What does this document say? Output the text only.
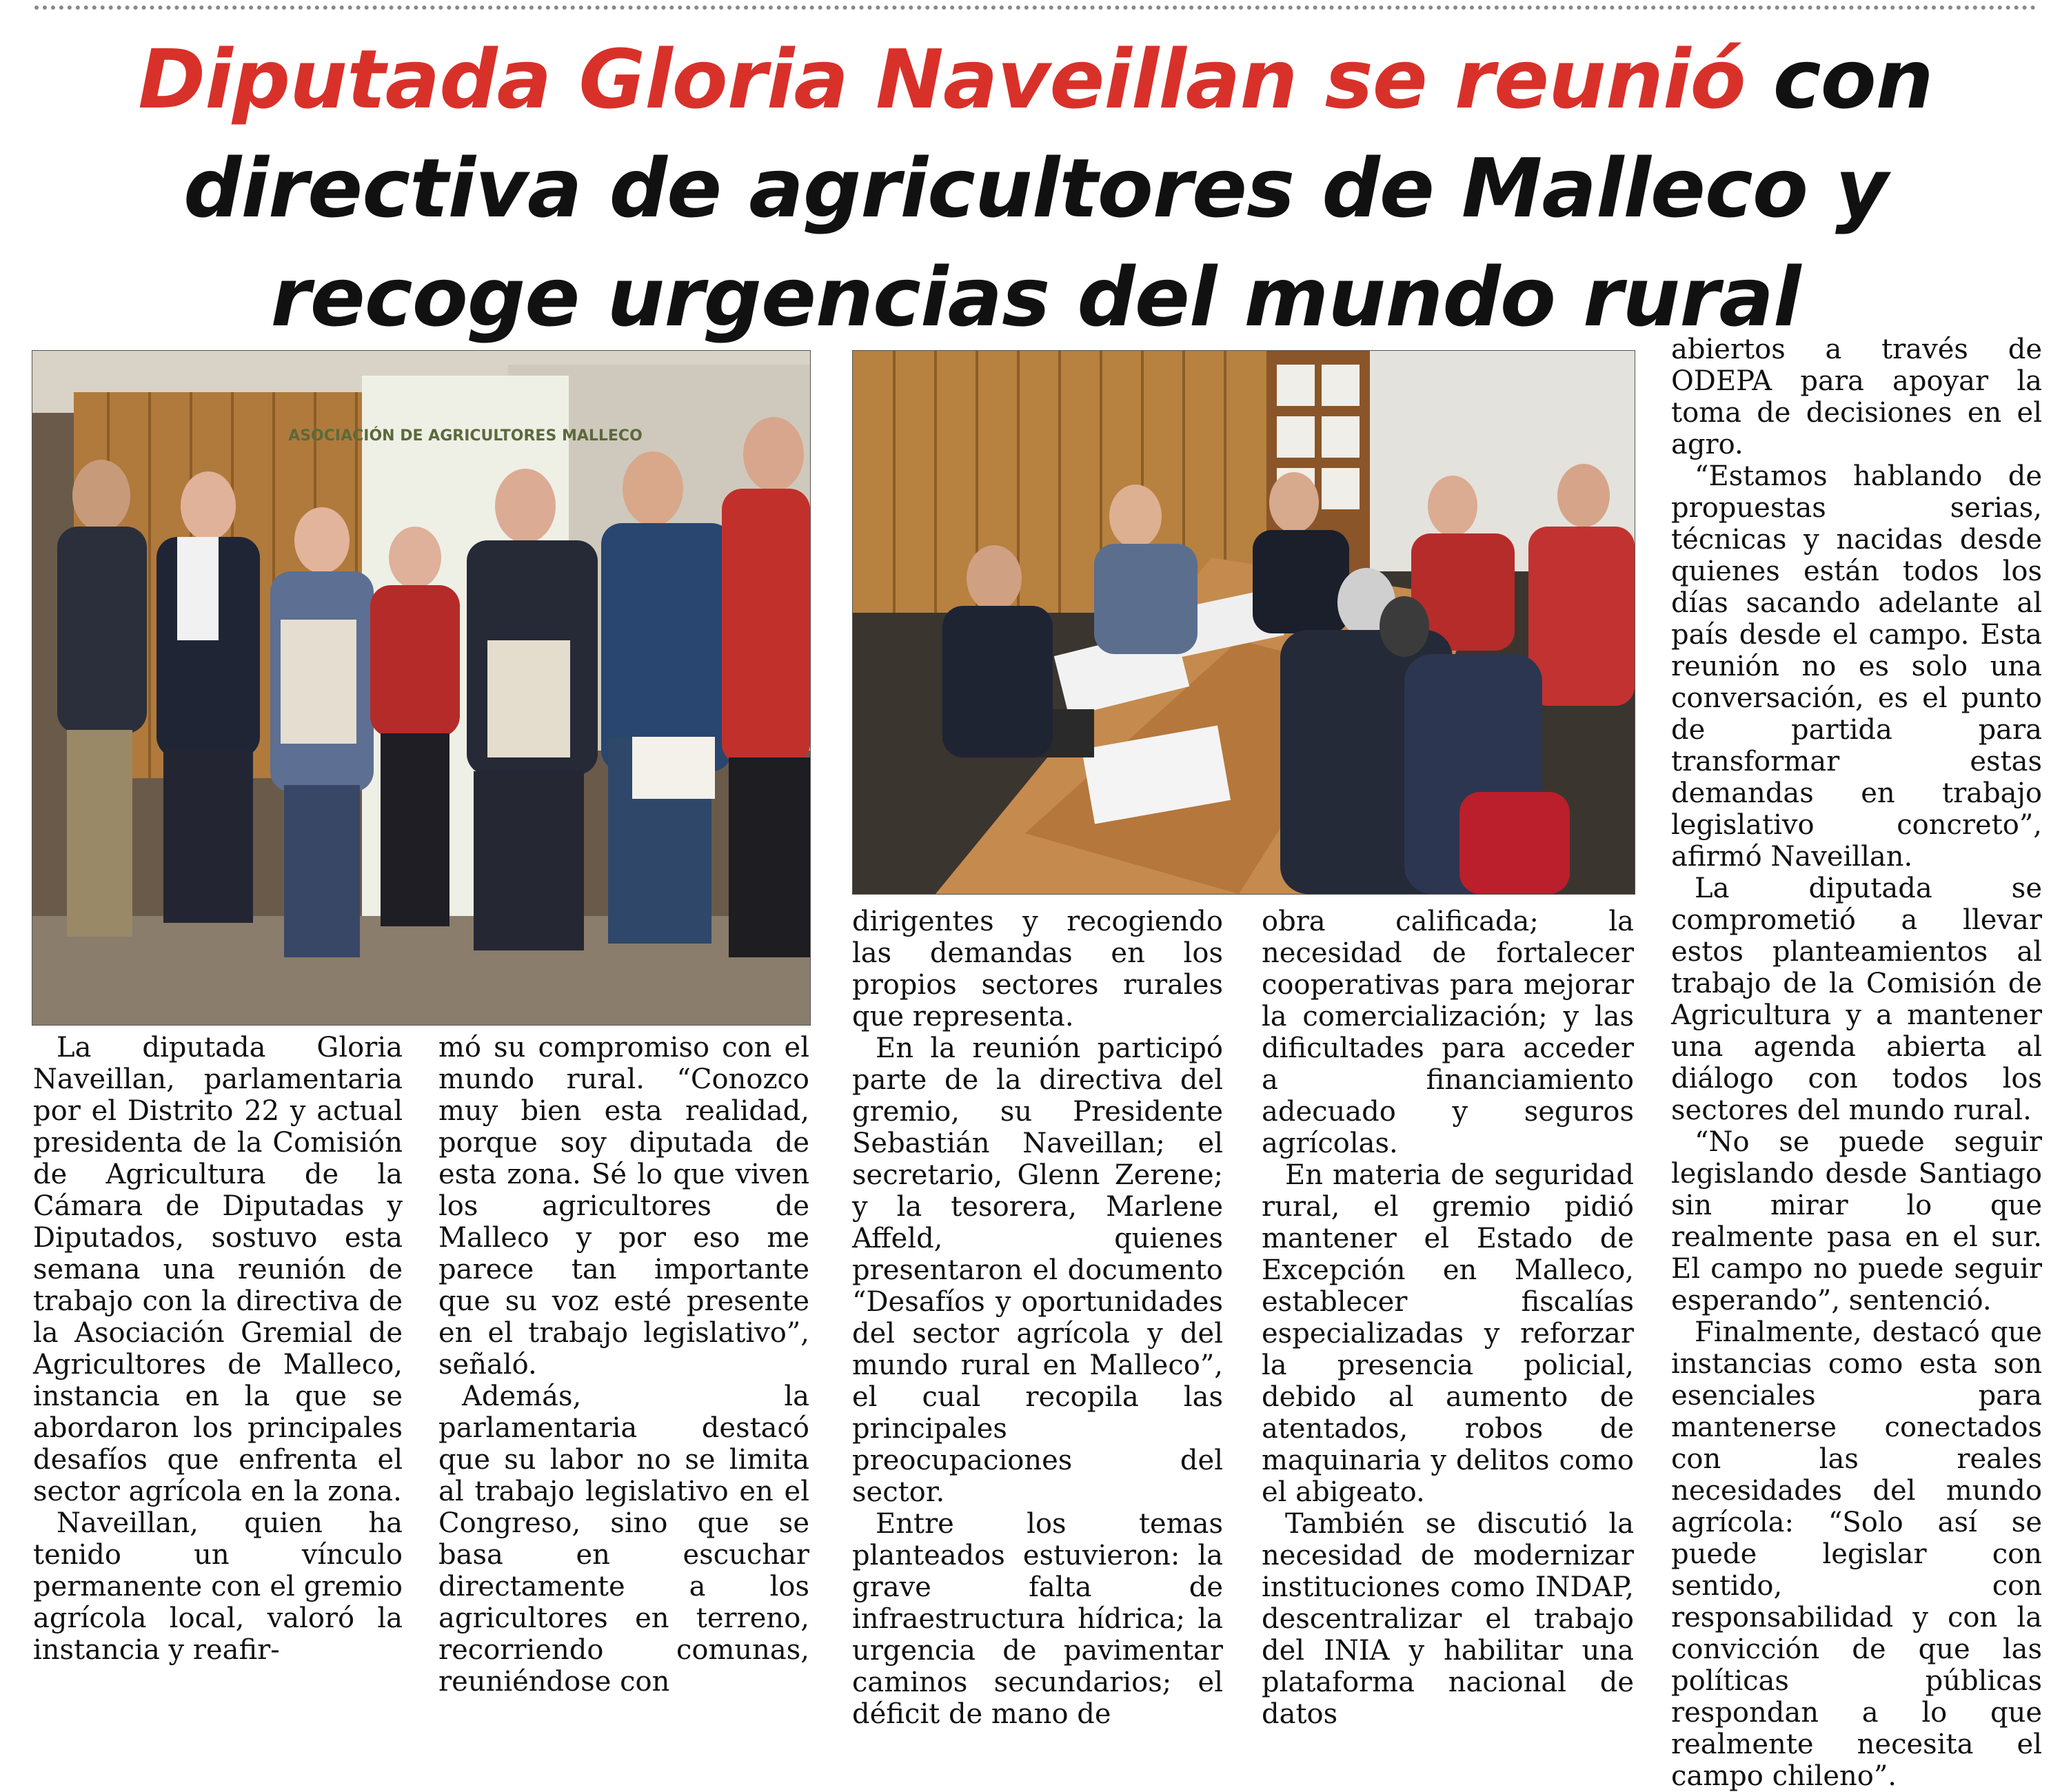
Diputada Gloria Naveillan se reunió con directiva de agricultores de Malleco y recoge urgencias del mundo rural
ASOCIACIÓN DE AGRICULTORES MALLECO

La diputada Gloria Naveillan, parlamentaria por el Distrito 22 y actual presidenta de la Comisión de Agricultura de la Cámara de Diputadas y Diputados, sostuvo esta semana una reunión de trabajo con la directiva de la Asociación Gremial de Agricultores de Malleco, instancia en la que se abordaron los principales desafíos que enfrenta el sector agrícola en la zona.

Naveillan, quien ha tenido un vínculo permanente con el gremio agrícola local, valoró la instancia y reafir-

mó su compromiso con el mundo rural. “Conozco muy bien esta realidad, porque soy diputada de esta zona. Sé lo que viven los agricultores de Malleco y por eso me parece tan importante que su voz esté presente en el trabajo legislativo”, señaló.

Además, la parlamentaria destacó que su labor no se limita al trabajo legislativo en el Congreso, sino que se basa en escuchar directamente a los agricultores en terreno, recorriendo comunas, reuniéndose con

dirigentes y recogiendo las demandas en los propios sectores rurales que representa.

En la reunión participó parte de la directiva del gremio, su Presidente Sebastián Naveillan; el secretario, Glenn Zerene; y la tesorera, Marlene Affeld, quienes presentaron el documento “Desafíos y oportunidades del sector agrícola y del mundo rural en Malleco”, el cual recopila las principales preocupaciones del sector.

Entre los temas planteados estuvieron: la grave falta de infraestructura hídrica; la urgencia de pavimentar caminos secundarios; el déficit de mano de

obra calificada; la necesidad de fortalecer cooperativas para mejorar la comercialización; y las dificultades para acceder a financiamiento adecuado y seguros agrícolas.

En materia de seguridad rural, el gremio pidió mantener el Estado de Excepción en Malleco, establecer fiscalías especializadas y reforzar la presencia policial, debido al aumento de atentados, robos de maquinaria y delitos como el abigeato.

También se discutió la necesidad de modernizar instituciones como INDAP, descentralizar el trabajo del INIA y habilitar una plataforma nacional de datos

abiertos a través de ODEPA para apoyar la toma de decisiones en el agro.

“Estamos hablando de propuestas serias, técnicas y nacidas desde quienes están todos los días sacando adelante al país desde el campo. Esta reunión no es solo una conversación, es el punto de partida para transformar estas demandas en trabajo legislativo concreto”, afirmó Naveillan.

La diputada se comprometió a llevar estos planteamientos al trabajo de la Comisión de Agricultura y a mantener una agenda abierta al diálogo con todos los sectores del mundo rural.

“No se puede seguir legislando desde Santiago sin mirar lo que realmente pasa en el sur. El campo no puede seguir esperando”, sentenció.

Finalmente, destacó que instancias como esta son esenciales para mantenerse conectados con las reales necesidades del mundo agrícola: “Solo así se puede legislar con sentido, con responsabilidad y con la convicción de que las políticas públicas respondan a lo que realmente necesita el campo chileno”.
